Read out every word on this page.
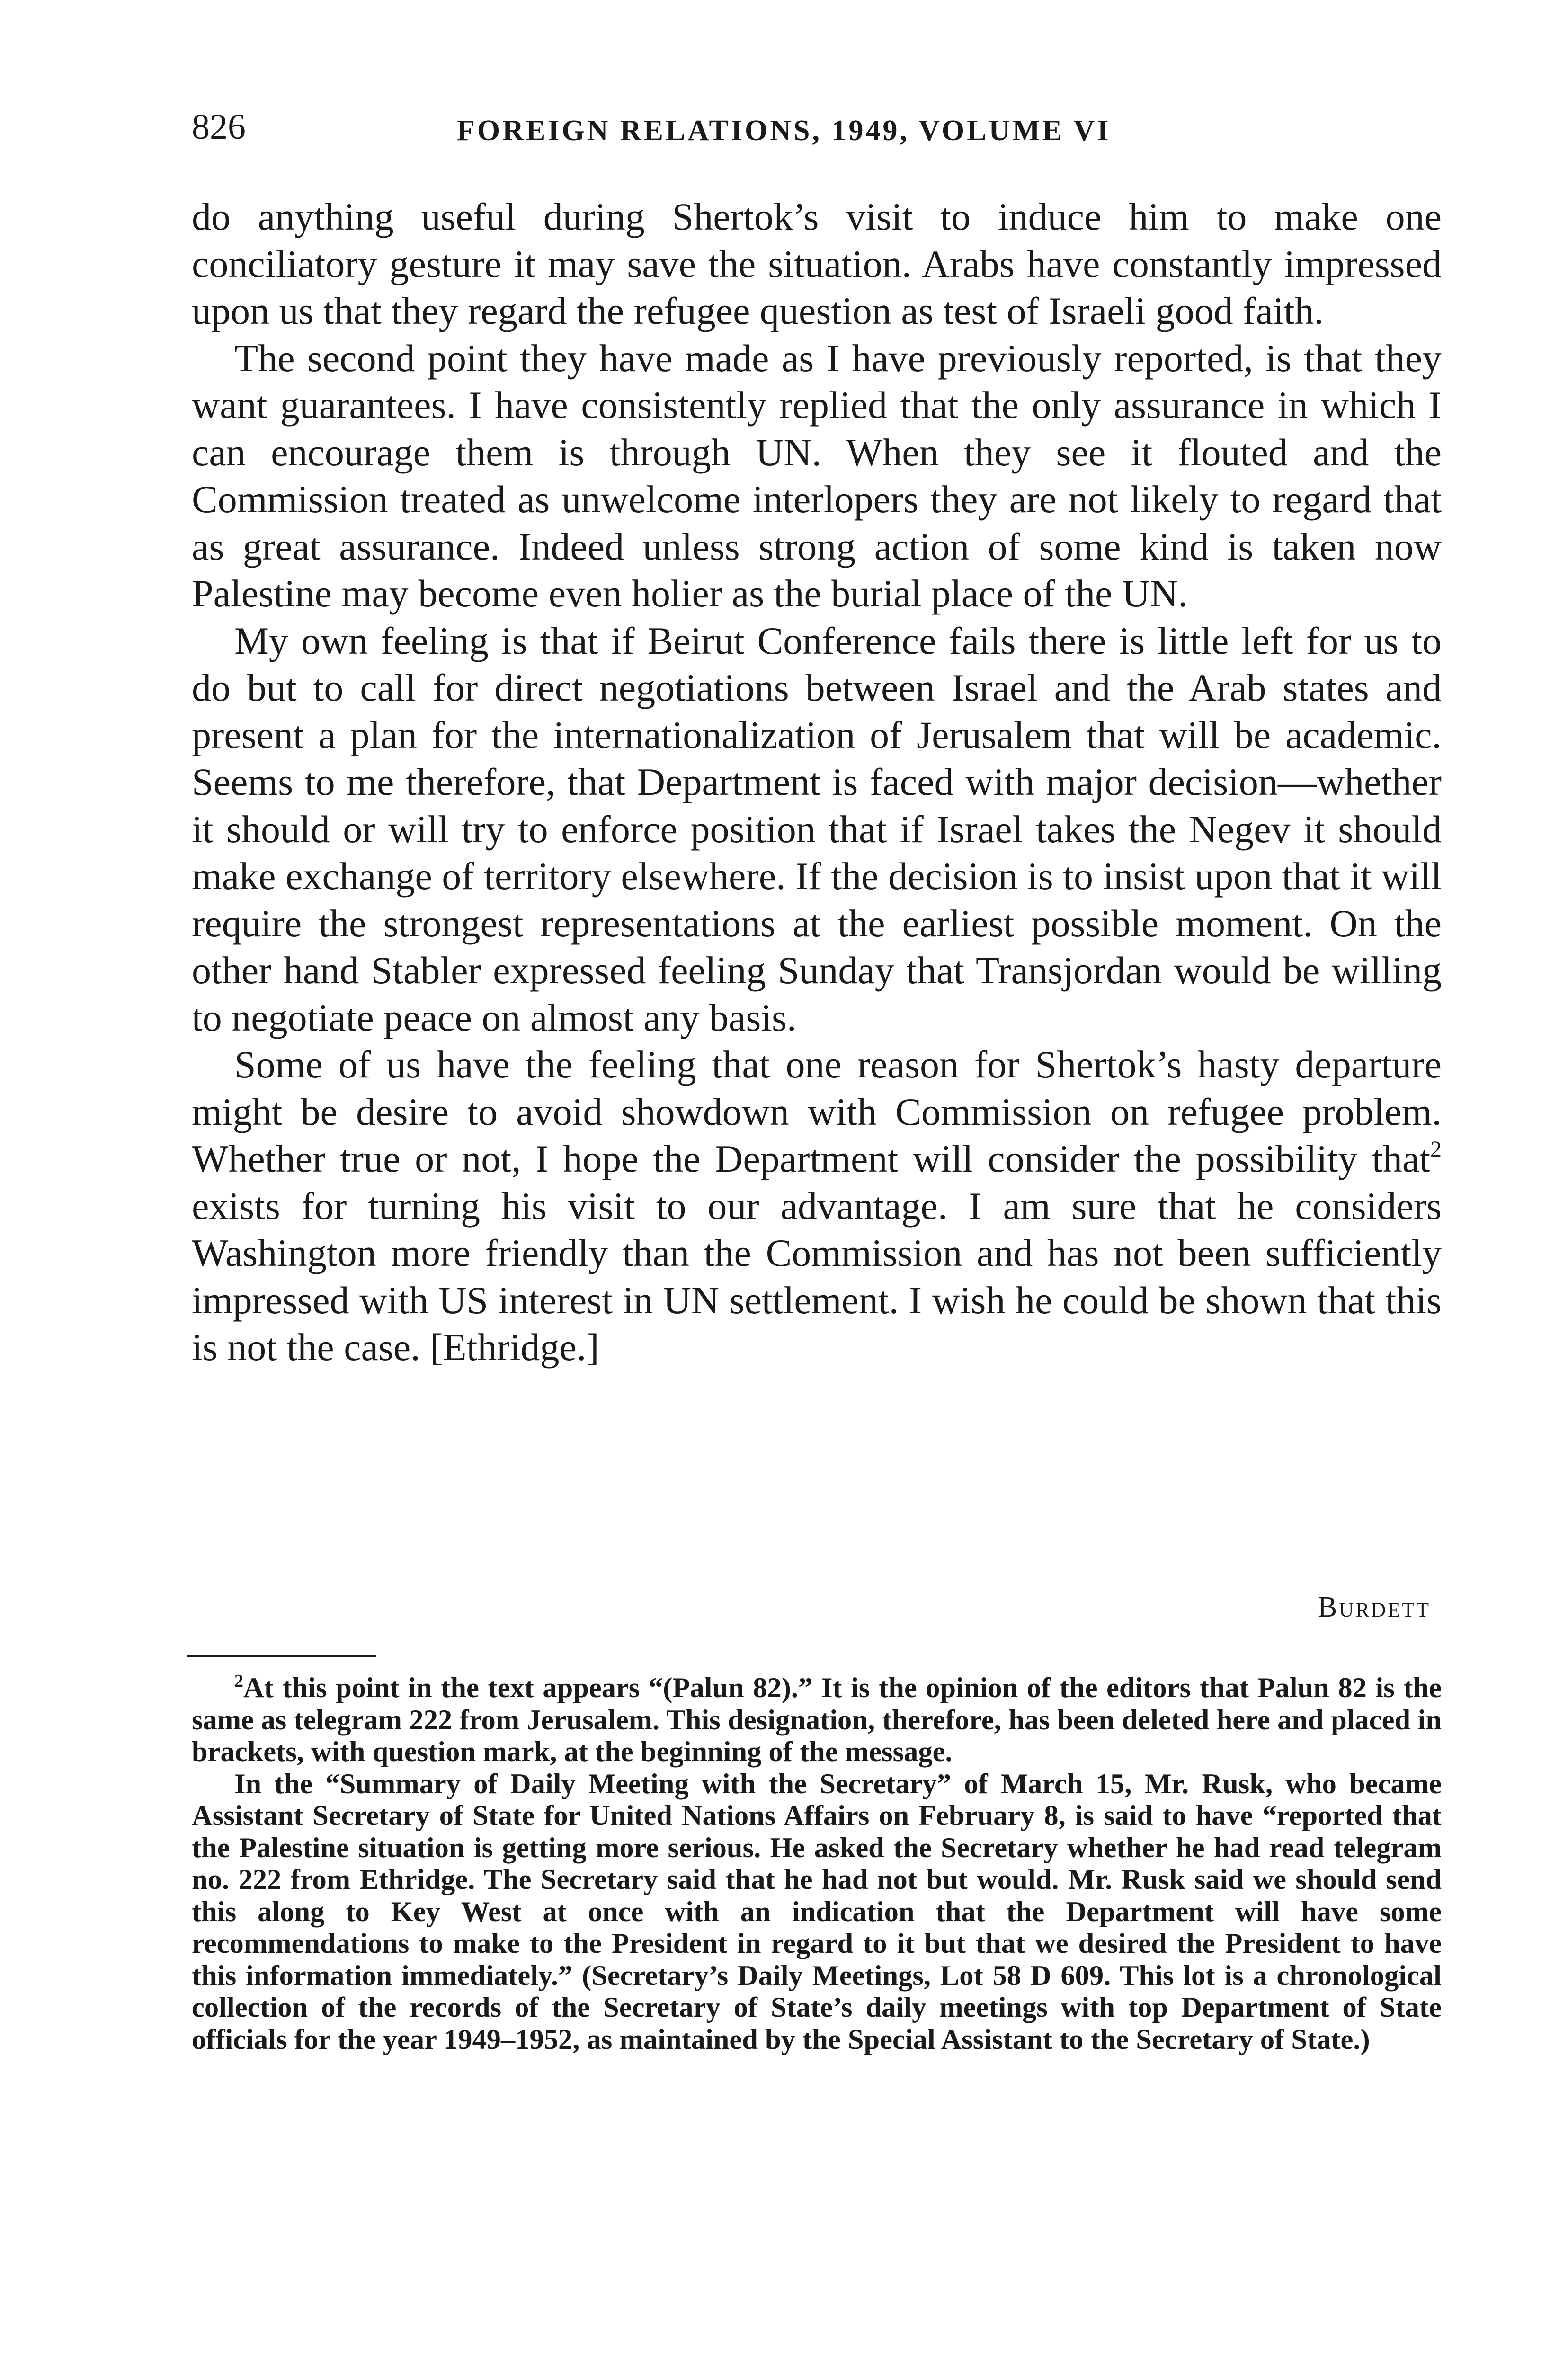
826	FOREIGN RELATIONS, 1949, VOLUME VI

do anything useful during Shertok’s visit to induce him to make one conciliatory gesture it may save the situation. Arabs have constantly impressed upon us that they regard the refugee question as test of Israeli good faith.

The second point they have made as I have previously reported, is that they want guarantees. I have consistently replied that the only assurance in which I can encourage them is through UN. When they see it flouted and the Commission treated as unwelcome interlopers they are not likely to regard that as great assurance. Indeed unless strong action of some kind is taken now Palestine may become even holier as the burial place of the UN.

My own feeling is that if Beirut Conference fails there is little left for us to do but to call for direct negotiations between Israel and the Arab states and present a plan for the internationalization of Jerusalem that will be academic. Seems to me therefore, that Department is faced with major decision—whether it should or will try to enforce position that if Israel takes the Negev it should make exchange of territory elsewhere. If the decision is to insist upon that it will require the strongest representations at the earliest possible moment. On the other hand Stabler expressed feeling Sunday that Transjordan would be willing to negotiate peace on almost any basis.

Some of us have the feeling that one reason for Shertok’s hasty departure might be desire to avoid showdown with Commission on refugee problem. Whether true or not, I hope the Department will consider the possibility that$^2$ exists for turning his visit to our advantage. I am sure that he considers Washington more friendly than the Commission and has not been sufficiently impressed with US interest in UN settlement. I wish he could be shown that this is not the case. [Ethridge.]

Burdett

$^2$At this point in the text appears “(Palun 82).” It is the opinion of the editors that Palun 82 is the same as telegram 222 from Jerusalem. This designation, therefore, has been deleted here and placed in brackets, with question mark, at the beginning of the message.

In the “Summary of Daily Meeting with the Secretary” of March 15, Mr. Rusk, who became Assistant Secretary of State for United Nations Affairs on February 8, is said to have “reported that the Palestine situation is getting more serious. He asked the Secretary whether he had read telegram no. 222 from Ethridge. The Secretary said that he had not but would. Mr. Rusk said we should send this along to Key West at once with an indication that the Department will have some recommendations to make to the President in regard to it but that we desired the President to have this information immediately.” (Secretary’s Daily Meetings, Lot 58 D 609. This lot is a chronological collection of the records of the Secretary of State’s daily meetings with top Department of State officials for the year 1949–1952, as maintained by the Special Assistant to the Secretary of State.)
